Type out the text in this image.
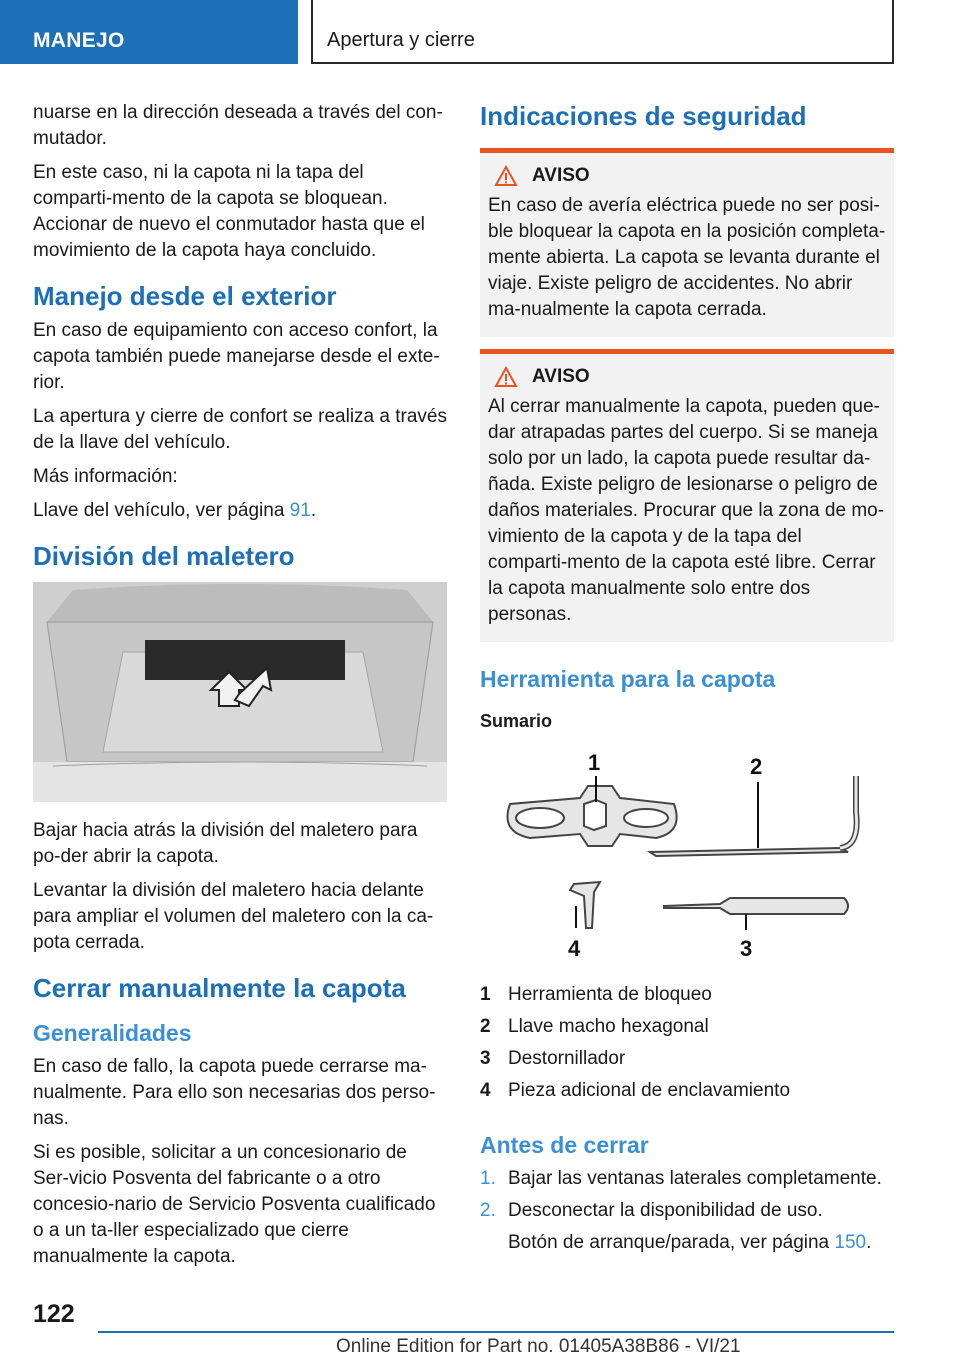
MANEJO	Apertura y cierre

nuarse en la dirección deseada a través del con-mutador.

En este caso, ni la capota ni la tapa del comparti-mento de la capota se bloquean. Accionar de nuevo el conmutador hasta que el movimiento de la capota haya concluido.

Manejo desde el exterior

En caso de equipamiento con acceso confort, la capota también puede manejarse desde el exte-rior.

La apertura y cierre de confort se realiza a través de la llave del vehículo.

Más información:

Llave del vehículo, ver página 91.

División del maletero

Bajar hacia atrás la división del maletero para po-der abrir la capota.

Levantar la división del maletero hacia delante para ampliar el volumen del maletero con la ca-pota cerrada.

Cerrar manualmente la capota
Generalidades

En caso de fallo, la capota puede cerrarse ma-nualmente. Para ello son necesarias dos perso-nas.

Si es posible, solicitar a un concesionario de Ser-vicio Posventa del fabricante o a otro concesio-nario de Servicio Posventa cualificado o a un ta-ller especializado que cierre manualmente la capota.

Indicaciones de seguridad
AVISO

En caso de avería eléctrica puede no ser posi-ble bloquear la capota en la posición completa-mente abierta. La capota se levanta durante el viaje. Existe peligro de accidentes. No abrir ma-nualmente la capota cerrada.

AVISO

Al cerrar manualmente la capota, pueden que-dar atrapadas partes del cuerpo. Si se maneja solo por un lado, la capota puede resultar da-ñada. Existe peligro de lesionarse o peligro de daños materiales. Procurar que la zona de mo-vimiento de la capota y de la tapa del comparti-mento de la capota esté libre. Cerrar la capota manualmente solo entre dos personas.

Herramienta para la capota
Sumario
1	2
3
4
1 Herramienta de bloqueo
2 Llave macho hexagonal
3 Destornillador
4 Pieza adicional de enclavamiento
Antes de cerrar
1. Bajar las ventanas laterales completamente.
2. Desconectar la disponibilidad de uso.

Botón de arranque/parada, ver página 150.

122
Online Edition for Part no. 01405A38B86 - VI/21
